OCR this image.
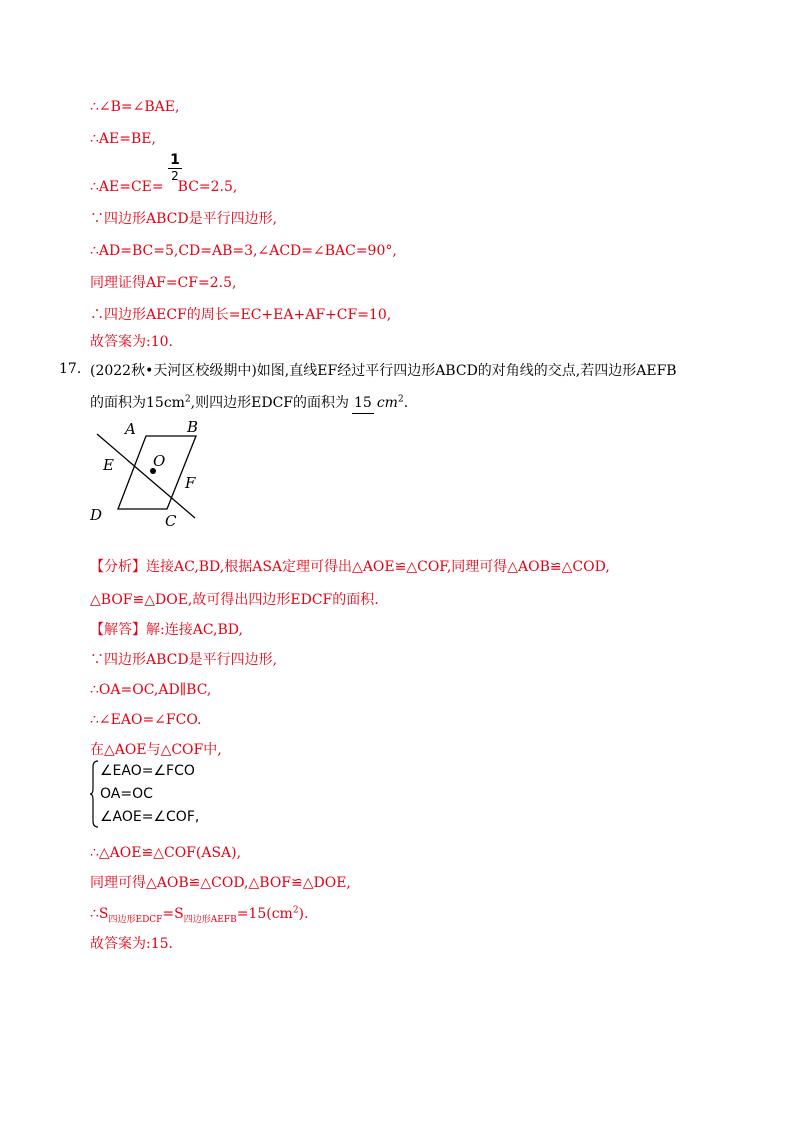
∴∠B=∠BAE,
∴AE=BE,
∴AE=CE= BC=2.5,
$\frac{1}{2}$
∵四边形ABCD是平行四边形,
∴AD=BC=5,CD=AB=3,∠ACD=∠BAC=90°,
同理证得AF=CF=2.5,
∴四边形AECF的周长=EC+EA+AF+CF=10,
故答案为:10.
17. (2022秋•天河区校级期中)如图,直线EF经过平行四边形ABCD的对角线的交点,若四边形AEFB
的面积为$15cm^2$,则四边形EDCF的面积为 15 $cm^2$.
A	B
E	O
F
D	C
【分析】连接AC,BD,根据ASA定理可得出△AOE≌△COF,同理可得△AOB≌△COD,
△BOF≌△DOE,故可得出四边形EDCF的面积.
【解答】解:连接AC,BD,
∵四边形ABCD是平行四边形,
∴OA=OC,AD∥BC,
∴∠EAO=∠FCO.
在△AOE与△COF中,
∠EAO=∠FCO
OA=OC
∠AOE=∠COF,
∴△AOE≌△COF(ASA),
同理可得△AOB≌△COD,△BOF≌△DOE,
$\therefore S_{四边形EDCF}=S_{四边形AEFB}=15(cm^2)$.
故答案为:15.
